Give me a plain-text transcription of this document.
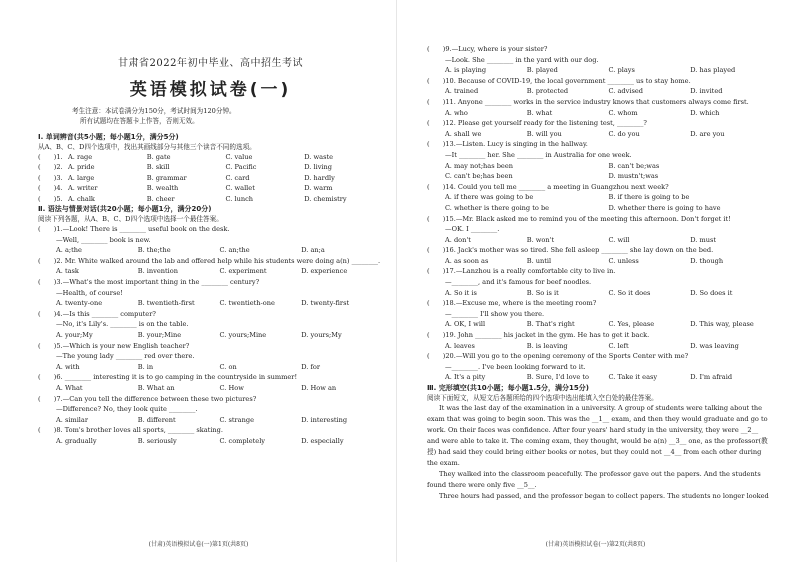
甘肃省2022年初中毕业、高中招生考试
英语模拟试卷(一)
考生注意：本试卷满分为150分，考试时间为120分钟。
所有试题均在答题卡上作答，否则无效。
Ⅰ. 单词辨音(共5小题；每小题1分，满分5分)
从A、B、C、D四个选项中，找出其画线部分与其他三个读音不同的选项。
(　　)1. A. rage	B. gate	C. value	D. waste
(　　)2. A. pride	B. skill	C. Pacific	D. living
(　　)3. A. large	B. grammar	C. card	D. hardly
(　　)4. A. writer	B. wealth	C. wallet	D. warm
(　　)5. A. chalk	B. cheer	C. lunch	D. chemistry
Ⅱ. 语法与情景对话(共20小题；每小题1分，满分20分)
阅读下列各题，从A、B、C、D四个选项中选择一个最佳答案。
(　　)1.—Look! There is ________ useful book on the desk.
—Well, ________ book is new.
A. a;the	B. the;the	C. an;the	D. an;a
(　　)2. Mr. White walked around the lab and offered help while his students were doing a(n) ________.
A. task	B. invention	C. experiment	D. experience
(　　)3.—What's the most important thing in the ________ century?
—Health, of course!
A. twenty-one	B. twentieth-first	C. twentieth-one	D. twenty-first
(　　)4.—Is this ________ computer?
—No, it's Lily's. ________ is on the table.
A. your;My	B. your;Mine	C. yours;Mine	D. yours;My
(　　)5.—Which is your new English teacher?
—The young lady ________ red over there.
A. with	B. in	C. on	D. for
(　　)6. ________ interesting it is to go camping in the countryside in summer!
A. What	B. What an	C. How	D. How an
(　　)7.—Can you tell the difference between these two pictures?
—Difference? No, they look quite ________.
A. similar	B. different	C. strange	D. interesting
(　　)8. Tom's brother loves all sports, ________ skating.
A. gradually	B. seriously	C. completely	D. especially
(甘肃)英语模拟试卷(一)第1页(共8页)
(　　)9.—Lucy, where is your sister?
—Look. She ________ in the yard with our dog.
A. is playing	B. played	C. plays	D. has played
(　　)10. Because of COVID-19, the local government ________ us to stay home.
A. trained	B. protected	C. advised	D. invited
(　　)11. Anyone ________ works in the service industry knows that customers always come first.
A. who	B. what	C. whom	D. which
(　　)12. Please get yourself ready for the listening test, ________?
A. shall we	B. will you	C. do you	D. are you
(　　)13.—Listen. Lucy is singing in the hallway.
—It ________ her. She ________ in Australia for one week.
A. may not;has been	B. can't be;was
C. can't be;has been	D. mustn't;was
(　　)14. Could you tell me ________ a meeting in Guangzhou next week?
A. if there was going to be	B. if there is going to be
C. whether is there going to be	D. whether there is going to have
(　　)15.—Mr. Black asked me to remind you of the meeting this afternoon. Don't forget it!
—OK. I ________.
A. don't	B. won't	C. will	D. must
(　　)16. Jack's mother was so tired. She fell asleep ________ she lay down on the bed.
A. as soon as	B. until	C. unless	D. though
(　　)17.—Lanzhou is a really comfortable city to live in.
—________, and it's famous for beef noodles.
A. So it is	B. So is it	C. So it does	D. So does it
(　　)18.—Excuse me, where is the meeting room?
—________ I'll show you there.
A. OK, I will	B. That's right	C. Yes, please	D. This way, please
(　　)19. John ________ his jacket in the gym. He has to get it back.
A. leaves	B. is leaving	C. left	D. was leaving
(　　)20.—Will you go to the opening ceremony of the Sports Center with me?
—________. I've been looking forward to it.
A. It's a pity	B. Sure, I'd love to	C. Take it easy	D. I'm afraid
Ⅲ. 完形填空(共10小题；每小题1.5分，满分15分)
阅读下面短文，从短文后各题所给的四个选项中选出能填入空白处的最佳答案。
It was the last day of the examination in a university. A group of students were talking about the exam that was going to begin soon. This was the __1__ exam, and then they would graduate and go to work. On their faces was confidence. After four years' hard study in the university, they were __2__ and were able to take it. The coming exam, they thought, would be a(n) __3__ one, as the professor(教授) had said they could bring either books or notes, but they could not __4__ from each other during the exam.
They walked into the classroom peacefully. The professor gave out the papers. And the students found there were only five __5__.
Three hours had passed, and the professor began to collect papers. The students no longer looked
(甘肃)英语模拟试卷(一)第2页(共8页)
